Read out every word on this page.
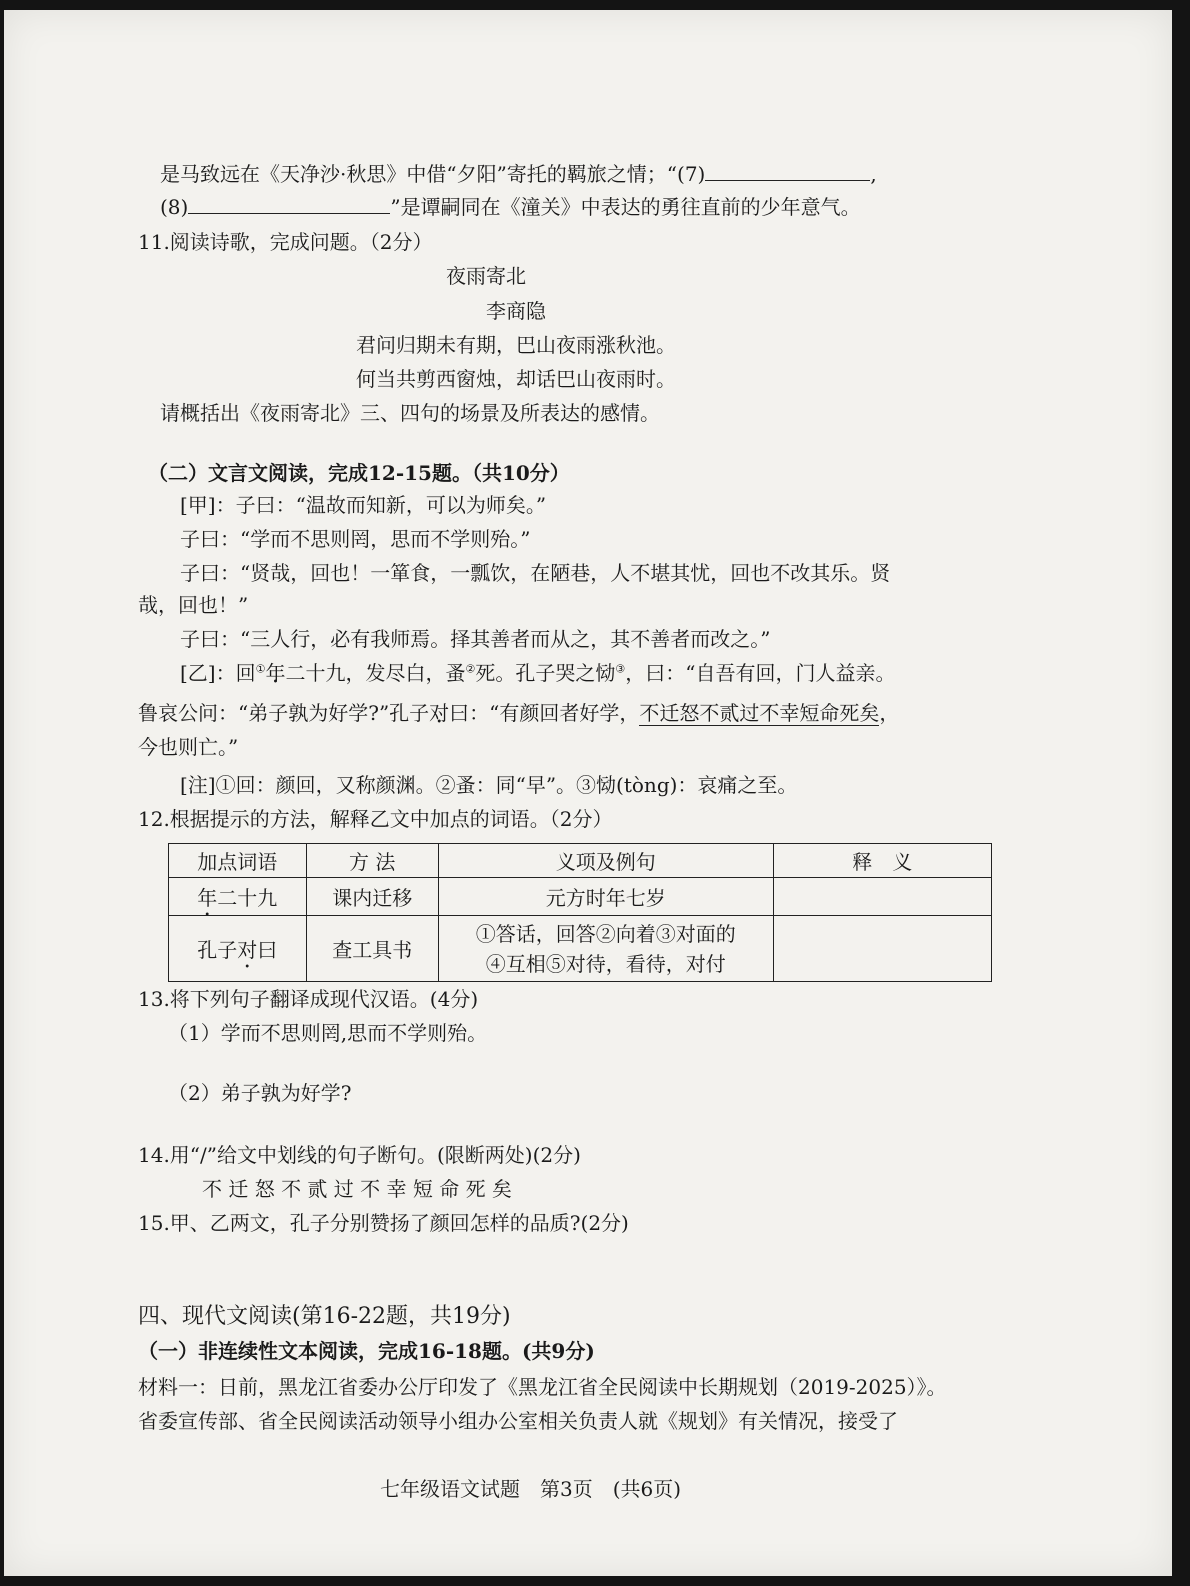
是马致远在《天净沙·秋思》中借“夕阳”寄托的羁旅之情；“(7)	,
(8)	”是谭嗣同在《潼关》中表达的勇往直前的少年意气。
11.阅读诗歌，完成问题。（2分）
夜雨寄北
李商隐
君问归期未有期，巴山夜雨涨秋池。
何当共剪西窗烛，却话巴山夜雨时。
请概括出《夜雨寄北》三、四句的场景及所表达的感情。
（二）文言文阅读，完成12-15题。（共10分）
[甲]：子曰：“温故而知新，可以为师矣。”
子曰：“学而不思则罔，思而不学则殆。”
子曰：“贤哉，回也！一箪食，一瓢饮，在陋巷，人不堪其忧，回也不改其乐。贤
哉，回也！”
子曰：“三人行，必有我师焉。择其善者而从之，其不善者而改之。”
[乙]：回①年二十九，发尽白，蚤②死。孔子哭之恸③，曰：“自吾有回，门人益亲。
鲁哀公问：“弟子孰为好学?”孔子对曰：“有颜回者好学，不迁怒不贰过不幸短命死矣，
今也则亡。”
[注]①回：颜回，又称颜渊。②蚤：同“早”。③恸(tòng)：哀痛之至。
12.根据提示的方法，解释乙文中加点的词语。（2分）
加点词语	方 法	义项及例句	释　义
年二十九	课内迁移	元方时年七岁	
孔子对曰	查工具书	①答话，回答②向着③对面的
④互相⑤对待，看待，对付	

13.将下列句子翻译成现代汉语。(4分)
（1）学而不思则罔,思而不学则殆。
（2）弟子孰为好学?
14.用“/”给文中划线的句子断句。(限断两处)(2分)
不 迁 怒 不 贰 过 不 幸 短 命 死 矣
15.甲、乙两文，孔子分别赞扬了颜回怎样的品质?(2分)
四、现代文阅读(第16-22题，共19分)
（一）非连续性文本阅读，完成16-18题。(共9分)
材料一：日前，黑龙江省委办公厅印发了《黑龙江省全民阅读中长期规划（2019-2025）》。
省委宣传部、省全民阅读活动领导小组办公室相关负责人就《规划》有关情况，接受了
七年级语文试题　第3页　(共6页)
